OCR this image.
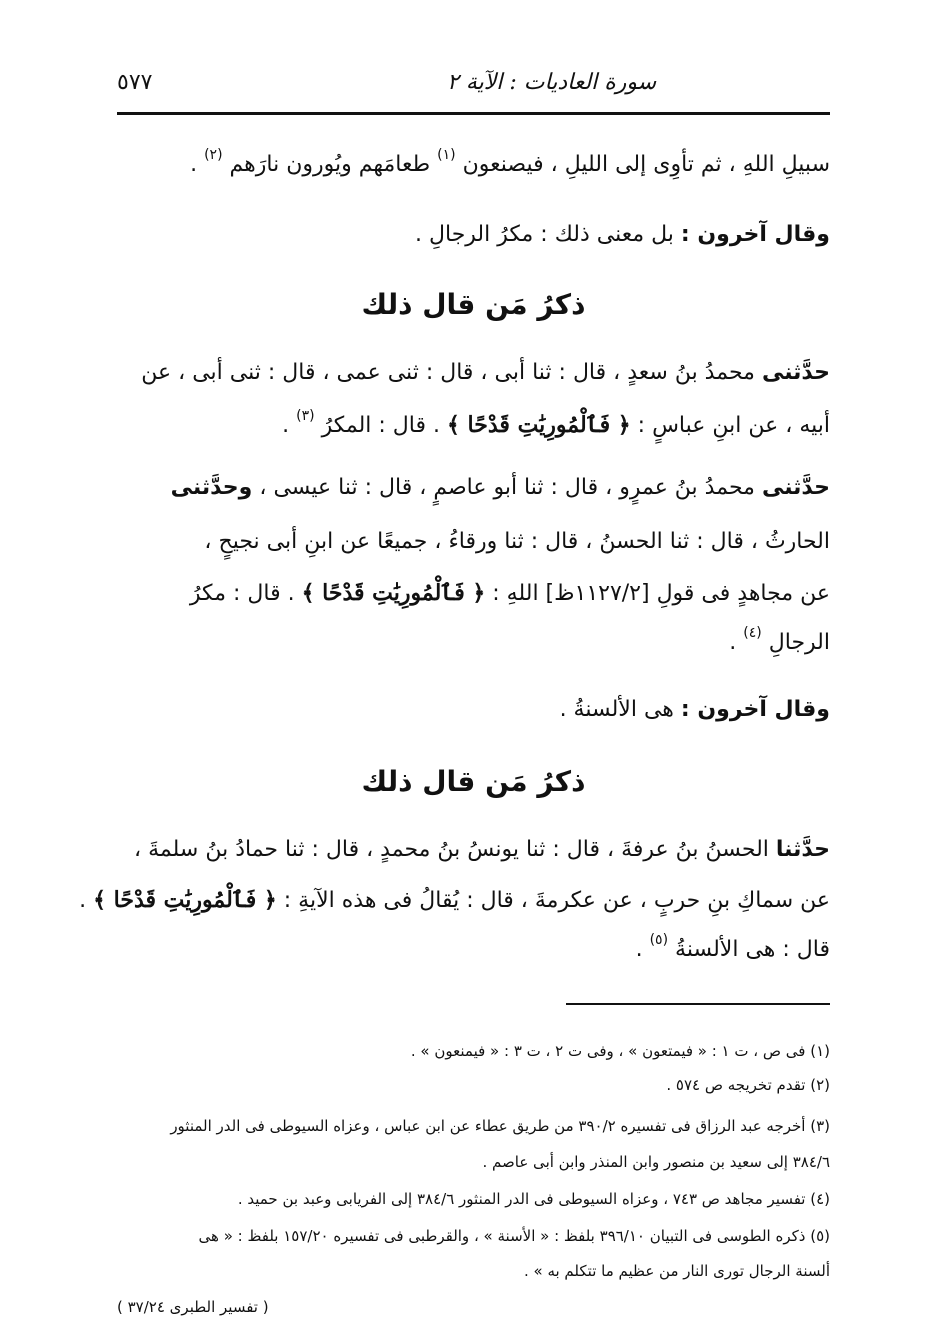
٥٧٧	سورة العاديات : الآية ٢
سبيلِ اللهِ ، ثم تأوِى إلى الليلِ ، فيصنعون $^{(١)}$ طعامَهم ويُورون نارَهم $^{(٢)}$ .
وقال آخرون : بل معنى ذلك : مكرُ الرجالِ .
ذكرُ مَن قال ذلك
حدَّثنى محمدُ بنُ سعدٍ ، قال : ثنا أبى ، قال : ثنى عمى ، قال : ثنى أبى ، عن
أبيه ، عن ابنِ عباسٍ : ﴿ فَٱلْمُورِيَٰتِ قَدْحًا ﴾ . قال : المكرُ $^{(٣)}$ .
حدَّثنى محمدُ بنُ عمرٍو ، قال : ثنا أبو عاصمٍ ، قال : ثنا عيسى ، وحدَّثنى
الحارثُ ، قال : ثنا الحسنُ ، قال : ثنا ورقاءُ ، جميعًا عن ابنِ أبى نجيحٍ ،
عن مجاهدٍ فى قولِ [١١٢٧/٢ظ] اللهِ : ﴿ فَٱلْمُورِيَٰتِ قَدْحًا ﴾ . قال : مكرُ
الرجالِ $^{(٤)}$ .
وقال آخرون : هى الألسنةُ .
ذكرُ مَن قال ذلك
حدَّثنا الحسنُ بنُ عرفةَ ، قال : ثنا يونسُ بنُ محمدٍ ، قال : ثنا حمادُ بنُ سلمةَ ،
عن سماكِ بنِ حربٍ ، عن عكرمةَ ، قال : يُقالُ فى هذه الآيةِ : ﴿ فَٱلْمُورِيَٰتِ قَدْحًا ﴾ .
قال : هى الألسنةُ $^{(٥)}$ .
(١) فى ص ، ت ١ : « فيمتعون » ، وفى ت ٢ ، ت ٣ : « فيمنعون » .
(٢) تقدم تخريجه ص ٥٧٤ .
(٣) أخرجه عبد الرزاق فى تفسيره ٣٩٠/٢ من طريق عطاء عن ابن عباس ، وعزاه السيوطى فى الدر المنثور
٣٨٤/٦ إلى سعيد بن منصور وابن المنذر وابن أبى عاصم .
(٤) تفسير مجاهد ص ٧٤٣ ، وعزاه السيوطى فى الدر المنثور ٣٨٤/٦ إلى الفريابى وعبد بن حميد .
(٥) ذكره الطوسى فى التبيان ٣٩٦/١٠ بلفظ : « الأسنة » ، والقرطبى فى تفسيره ١٥٧/٢٠ بلفظ : « هى
ألسنة الرجال تورى النار من عظيم ما تتكلم به » .
( تفسير الطبرى ٣٧/٢٤ )
